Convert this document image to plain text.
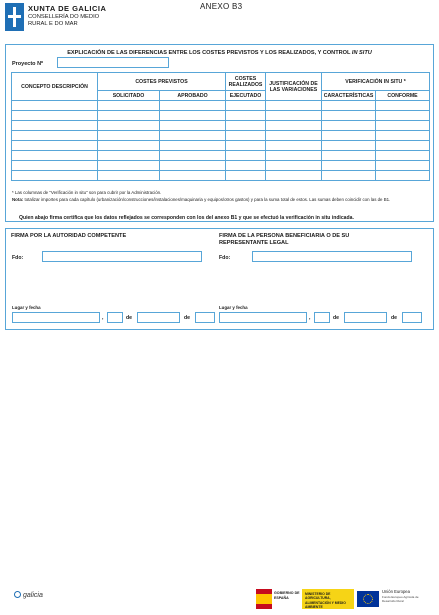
XUNTA DE GALICIA
CONSELLERÍA DO MEDIO RURAL E DO MAR
ANEXO B3
EXPLICACIÓN DE LAS DIFERENCIAS ENTRE LOS COSTES PREVISTOS Y LOS REALIZADOS, Y CONTROL IN SITU
Proyecto Nº
CONCEPTO DESCRIPCIÓN	COSTES PREVISTOS		COSTES REALIZADOS	JUSTIFICACIÓN DE LAS VARIACIONES	VERIFICACIÓN IN SITU *	
	SOLICITADO	APROBADO	EJECUTADO		CARACTERÍSTICAS	CONFORME

* Las columnas de "Verificación in situ" son para cubrir por la Administración.
Nota: totalizar importes para cada capítulo (urbanización/construcciones/instalaciones/maquinaria y equipos/otros gastos) y para la suma total de estos. Las sumas deben coincidir con las de B1.
Quien abajo firma certifica que los datos reflejados se corresponden con los del anexo B1 y que se efectuó la verificación in situ indicada.
FIRMA POR LA AUTORIDAD COMPETENTE	FIRMA DE LA PERSONA BENEFICIARIA O DE SU REPRESENTANTE LEGAL
Fdo:	Fdo:
Lugar y fecha
,	de	de
Lugar y fecha
,	de	de
galicia	GOBIERNO DE ESPAÑA
MINISTERIO DE AGRICULTURA, ALIMENTACIÓN Y MEDIO AMBIENTE
Unión Europea
Fondo Europeo Agrícola de Desarrollo Rural
